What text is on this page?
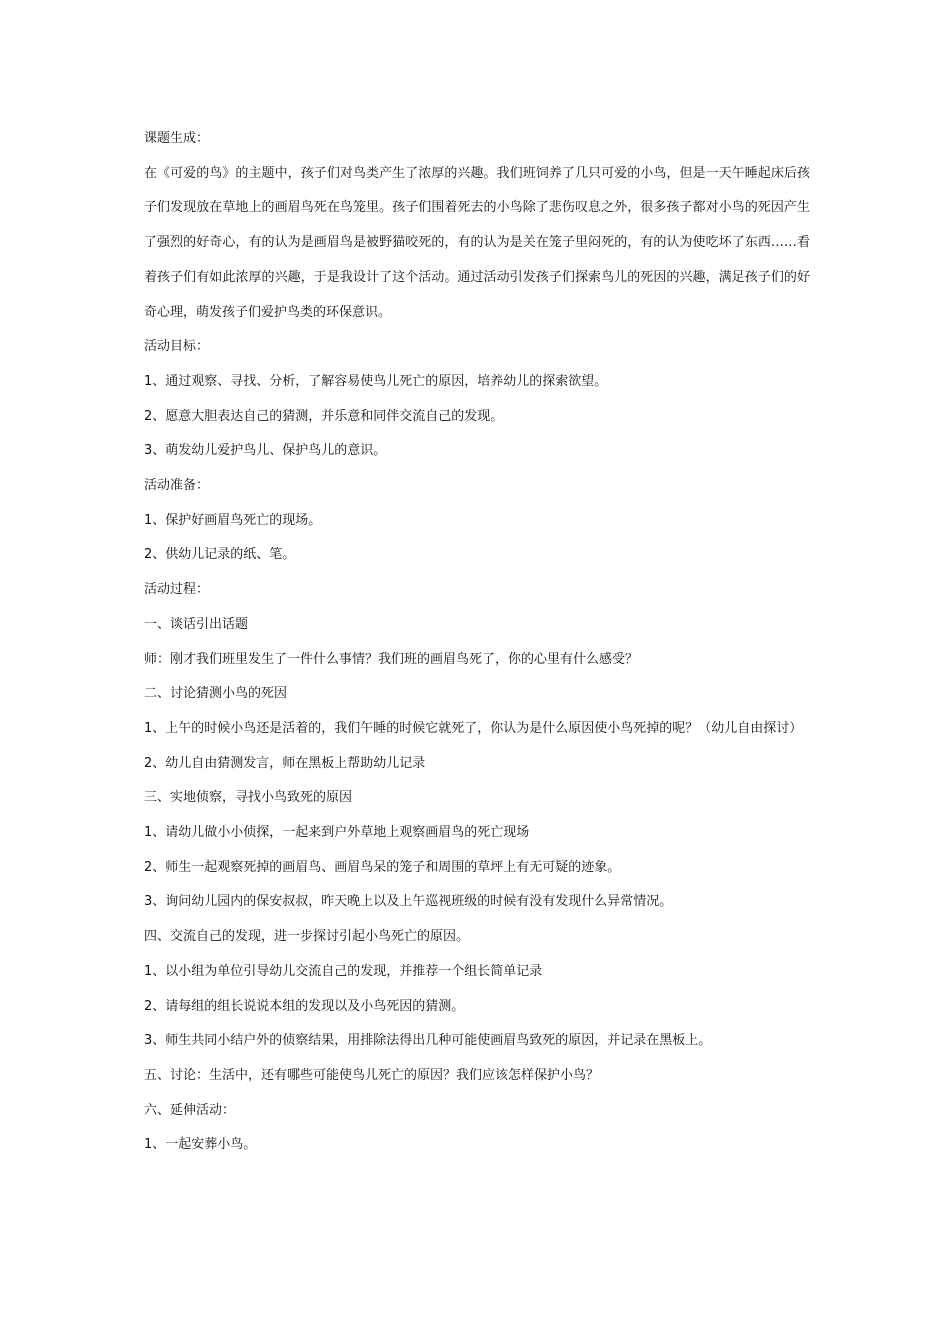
课题生成：

在《可爱的鸟》的主题中，孩子们对鸟类产生了浓厚的兴趣。我们班饲养了几只可爱的小鸟，但是一天午睡起床后孩子们发现放在草地上的画眉鸟死在鸟笼里。孩子们围着死去的小鸟除了悲伤叹息之外，很多孩子都对小鸟的死因产生了强烈的好奇心，有的认为是画眉鸟是被野猫咬死的，有的认为是关在笼子里闷死的，有的认为使吃坏了东西……看着孩子们有如此浓厚的兴趣，于是我设计了这个活动。通过活动引发孩子们探索鸟儿的死因的兴趣，满足孩子们的好奇心理，萌发孩子们爱护鸟类的环保意识。

活动目标：

1、通过观察、寻找、分析，了解容易使鸟儿死亡的原因，培养幼儿的探索欲望。

2、愿意大胆表达自己的猜测，并乐意和同伴交流自己的发现。

3、萌发幼儿爱护鸟儿、保护鸟儿的意识。

活动准备：

1、保护好画眉鸟死亡的现场。

2、供幼儿记录的纸、笔。

活动过程：

一、谈话引出话题

师：刚才我们班里发生了一件什么事情？我们班的画眉鸟死了，你的心里有什么感受？

二、讨论猜测小鸟的死因

1、上午的时候小鸟还是活着的，我们午睡的时候它就死了，你认为是什么原因使小鸟死掉的呢？（幼儿自由探讨）

2、幼儿自由猜测发言，师在黑板上帮助幼儿记录

三、实地侦察，寻找小鸟致死的原因

1、请幼儿做小小侦探，一起来到户外草地上观察画眉鸟的死亡现场

2、师生一起观察死掉的画眉鸟、画眉鸟呆的笼子和周围的草坪上有无可疑的迹象。

3、询问幼儿园内的保安叔叔，昨天晚上以及上午巡视班级的时候有没有发现什么异常情况。

四、交流自己的发现，进一步探讨引起小鸟死亡的原因。

1、以小组为单位引导幼儿交流自己的发现，并推荐一个组长简单记录

2、请每组的组长说说本组的发现以及小鸟死因的猜测。

3、师生共同小结户外的侦察结果，用排除法得出几种可能使画眉鸟致死的原因，并记录在黑板上。

五、讨论：生活中，还有哪些可能使鸟儿死亡的原因？我们应该怎样保护小鸟？

六、延伸活动：

1、一起安葬小鸟。
